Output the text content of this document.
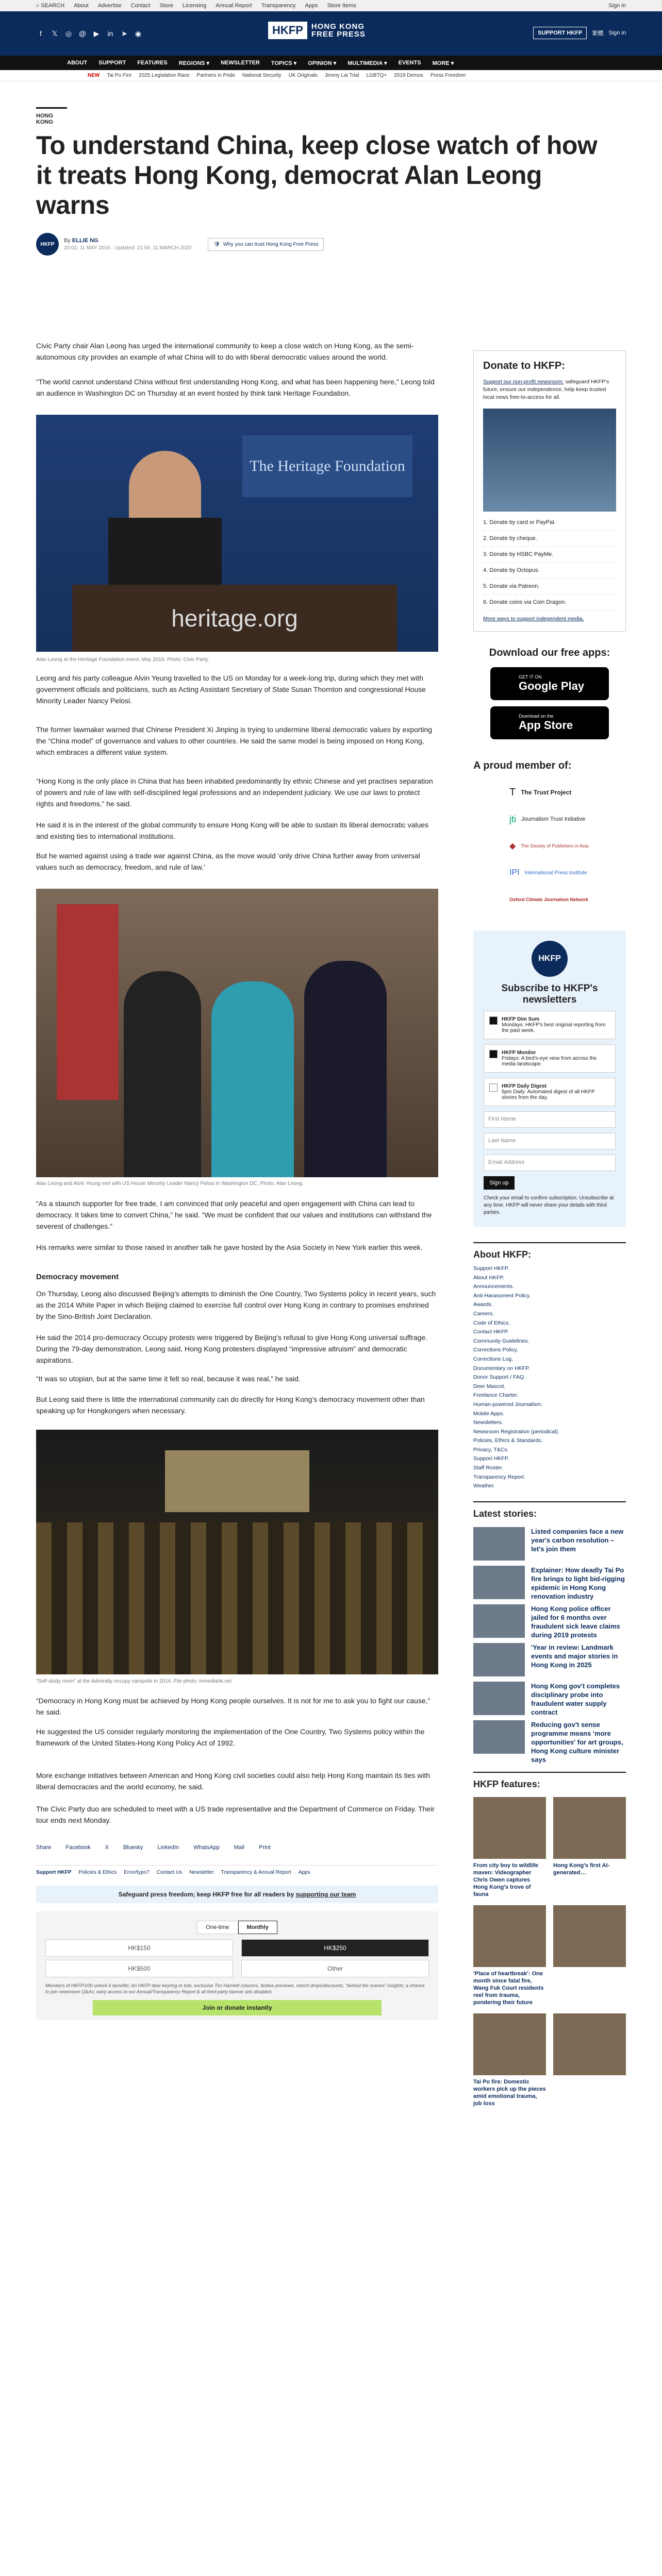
⌕ SEARCH About Advertise Contact Store Licensing Annual Report Transparency Apps Store Items	Sign in
f	𝕏 ◎ @ ▶ in ➤ ◉	HKFP	HONG KONG
FREE PRESS	SUPPORT HKFP	繁體 Sign in
ABOUT SUPPORT FEATURES REGIONS ▾ NEWSLETTER TOPICS ▾ OPINION ▾ MULTIMEDIA ▾ EVENTS MORE ▾
NEW Tai Po Fire 2025 Legislative Race Partners in Pride National Security UK Originals Jimmy Lai Trial LGBTQ+ 2019 Demos Press Freedom
HONG KONG
To understand China, keep close watch of how it treats Hong Kong, democrat Alan Leong warns
HKFP
By ELLIE NG
20:02, 11 MAY 2016 · Updated: 21:56, 11 MARCH 2020
🛡 Why you can trust Hong Kong Free Press
Civic Party chair Alan Leong has urged the international community to keep a close watch on Hong Kong, as the semi-autonomous city provides an example of what China will to do with liberal democratic values around the world.
“The world cannot understand China without first understanding Hong Kong, and what has been happening here,” Leong told an audience in Washington DC on Thursday at an event hosted by think tank Heritage Foundation.
The Heritage Foundation
heritage.org
Alan Leong at the Heritage Foundation event, May 2016. Photo: Civic Party.
Leong and his party colleague Alvin Yeung travelled to the US on Monday for a week-long trip, during which they met with government officials and politicians, such as Acting Assistant Secretary of State Susan Thornton and congressional House Minority Leader Nancy Pelosi.
The former lawmaker warned that Chinese President Xi Jinping is trying to undermine liberal democratic values by exporting the “China model” of governance and values to other countries. He said the same model is being imposed on Hong Kong, which embraces a different value system.
“Hong Kong is the only place in China that has been inhabited predominantly by ethnic Chinese and yet practises separation of powers and rule of law with self-disciplined legal professions and an independent judiciary. We use our laws to protect rights and freedoms,” he said.
He said it is in the interest of the global community to ensure Hong Kong will be able to sustain its liberal democratic values and existing ties to international institutions.
But he warned against using a trade war against China, as the move would ‘only drive China further away from universal values such as democracy, freedom, and rule of law.’
Alan Leong and Alvin Yeung met with US House Minority Leader Nancy Pelosi in Washington DC. Photo: Alan Leong.
“As a staunch supporter for free trade, I am convinced that only peaceful and open engagement with China can lead to democracy. It takes time to convert China,” he said. “We must be confident that our values and institutions can withstand the severest of challenges.”
His remarks were similar to those raised in another talk he gave hosted by the Asia Society in New York earlier this week.
Democracy movement
On Thursday, Leong also discussed Beijing’s attempts to diminish the One Country, Two Systems policy in recent years, such as the 2014 White Paper in which Beijing claimed to exercise full control over Hong Kong in contrary to promises enshrined by the Sino-British Joint Declaration.
He said the 2014 pro-democracy Occupy protests were triggered by Beijing’s refusal to give Hong Kong universal suffrage. During the 79-day demonstration, Leong said, Hong Kong protesters displayed “impressive altruism” and democratic aspirations.
“It was so utopian, but at the same time it felt so real, because it was real,” he said.
But Leong said there is little the international community can do directly for Hong Kong’s democracy movement other than speaking up for Hongkongers when necessary.
“Self-study room” at the Admiralty occupy campsite in 2014. File photo: Inmediahk.net.
“Democracy in Hong Kong must be achieved by Hong Kong people ourselves. It is not for me to ask you to fight our cause,” he said.
He suggested the US consider regularly monitoring the implementation of the One Country, Two Systems policy within the framework of the United States-Hong Kong Policy Act of 1992.
More exchange initiatives between American and Hong Kong civil societies could also help Hong Kong maintain its ties with liberal democracies and the world economy, he said.
The Civic Party duo are scheduled to meet with a US trade representative and the Department of Commerce on Friday. Their tour ends next Monday.
Share	Facebook	X	Bluesky	LinkedIn	WhatsApp	Mail	Print
Support HKFP Policies & Ethics Error/typo? Contact Us Newsletter Transparency & Annual Report Apps
Safeguard press freedom; keep HKFP free for all readers by supporting our team
One-time	Monthly
HK$150	HK$250
HK$500	Other
Members of HKFP/100 unlock 6 benefits: An HKFP deer keyring or tote, exclusive Tim Hamlett columns, festive previews, merch drops/discounts, “behind the scenes” insights; a chance to join newsroom Q&As; early access to our Annual/Transparency Report & all third-party banner ads disabled.
Join or donate instantly
Donate to HKFP:
Support our non-profit newsroom: safeguard HKFP's future, ensure our independence, help keep trusted local news free-to-access for all.
1. Donate by card or PayPal.
2. Donate by cheque.
3. Donate by HSBC PayMe.
4. Donate by Octopus.
5. Donate via Patreon.
6. Donate coins via Coin Dragon.
More ways to support independent media.
Download our free apps:
GET IT ON
Google Play
Download on the
App Store
A proud member of:
T The Trust Project
jti Journalism Trust Initiative
◆ The Society of Publishers in Asia
IPI International Press Institute
Oxford Climate Journalism Network
HKFP
Subscribe to HKFP's newsletters
HKFP Dim Sum
Mondays: HKFP's best original reporting from the past week.
HKFP Monitor
Fridays: A bird's-eye view from across the media landscape.
HKFP Daily Digest
5pm Daily: Automated digest of all HKFP stories from the day.
First Name
Last Name
Email Address
Sign up
Check your email to confirm subscription. Unsubscribe at any time. HKFP will never share your details with third parties.
About HKFP:
Support HKFP.
About HKFP.
Announcements.
Anti-Harassment Policy.
Awards.
Careers.
Code of Ethics.
Contact HKFP.
Community Guidelines.
Corrections Policy.
Corrections Log.
Documentary on HKFP.
Donor Support / FAQ.
Deer Mascot.
Freelance Charter.
Human-powered Journalism.
Mobile Apps.
Newsletters.
Newsroom Registration (periodical).
Policies, Ethics & Standards.
Privacy, T&Cs.
Support HKFP.
Staff Roster.
Transparency Report.
Weather.
Latest stories:
Listed companies face a new year's carbon resolution – let's join them
Explainer: How deadly Tai Po fire brings to light bid-rigging epidemic in Hong Kong renovation industry
Hong Kong police officer jailed for 6 months over fraudulent sick leave claims during 2019 protests
'Year in review: Landmark events and major stories in Hong Kong in 2025
Hong Kong gov't completes disciplinary probe into fraudulent water supply contract
Reducing gov't sense programme means 'more opportunities' for art groups, Hong Kong culture minister says
HKFP features:
From city boy to wildlife maven: Videographer Chris Owen captures Hong Kong's trove of fauna
Hong Kong's first AI-generated…
'Place of heartbreak': One month since fatal fire, Wang Fuk Court residents reel from trauma, pondering their future
Tai Po fire: Domestic workers pick up the pieces amid emotional trauma, job loss
